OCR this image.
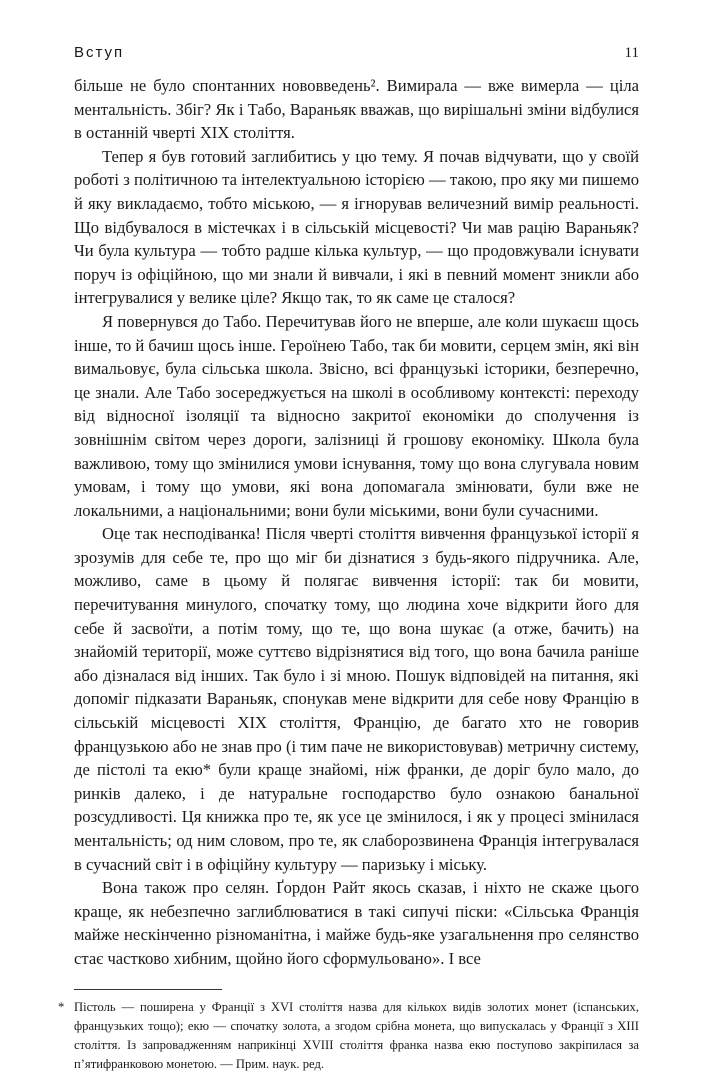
Вступ	11

більше не було спонтанних нововведень². Вимирала — вже вимерла — ціла ментальність. Збіг? Як і Табо, Вараньяк вважав, що вирішальні зміни відбулися в останній чверті XIX століття.

Тепер я був готовий заглибитись у цю тему. Я почав відчувати, що у своїй роботі з політичною та інтелектуальною історією — такою, про яку ми пишемо й яку викладаємо, тобто міською, — я ігнорував величезний вимір реальності. Що відбувалося в містечках і в сільській місцевості? Чи мав рацію Вараньяк? Чи була культура — тобто радше кілька культур, — що продовжували існувати поруч із офіційною, що ми знали й вивчали, і які в певний момент зникли або інтегрувалися у велике ціле? Якщо так, то як саме це сталося?

Я повернувся до Табо. Перечитував його не вперше, але коли шукаєш щось інше, то й бачиш щось інше. Героїнею Табо, так би мовити, серцем змін, які він вимальовує, була сільська школа. Звісно, всі французькі історики, безперечно, це знали. Але Табо зосереджується на школі в особливому контексті: переходу від відносної ізоляції та відносно закритої економіки до сполучення із зовнішнім світом через дороги, залізниці й грошову економіку. Школа була важливою, тому що змінилися умови існування, тому що вона слугувала новим умовам, і тому що умови, які вона допомагала змінювати, були вже не локальними, а національними; вони були міськими, вони були сучасними.

Оце так несподіванка! Після чверті століття вивчення французької історії я зрозумів для себе те, про що міг би дізнатися з будь-якого підручника. Але, можливо, саме в цьому й полягає вивчення історії: так би мовити, перечитування минулого, спочатку тому, що людина хоче відкрити його для себе й засвоїти, а потім тому, що те, що вона шукає (а отже, бачить) на знайомій території, може суттєво відрізнятися від того, що вона бачила раніше або дізналася від інших. Так було і зі мною. Пошук відповідей на питання, які допоміг підказати Вараньяк, спонукав мене відкрити для себе нову Францію в сільській місцевості XIX століття, Францію, де багато хто не говорив французькою або не знав про (і тим паче не використовував) метричну систему, де пістолі та екю* були краще знайомі, ніж франки, де доріг було мало, до ринків далеко, і де натуральне господарство було ознакою банальної розсудливості. Ця книжка про те, як усе це змінилося, і як у процесі змінилася ментальність; од ним словом, про те, як слаборозвинена Франція інтегрувалася в сучасний світ і в офіційну культуру — паризьку і міську.

Вона також про селян. Ґордон Райт якось сказав, і ніхто не скаже цього краще, як небезпечно заглиблюватися в такі сипучі піски: «Сільська Франція майже нескінченно різноманітна, і майже будь-яке узагальнення про селянство стає частково хибним, щойно його сформульовано». І все

* Пістоль — поширена у Франції з XVI століття назва для кількох видів золотих монет (іспанських, французьких тощо); екю — спочатку золота, а згодом срібна монета, що випускалась у Франції з XIII століття. Із запровадженням наприкінці XVIII століття франка назва екю поступово закріпилася за п’ятифранковою монетою. — Прим. наук. ред.
